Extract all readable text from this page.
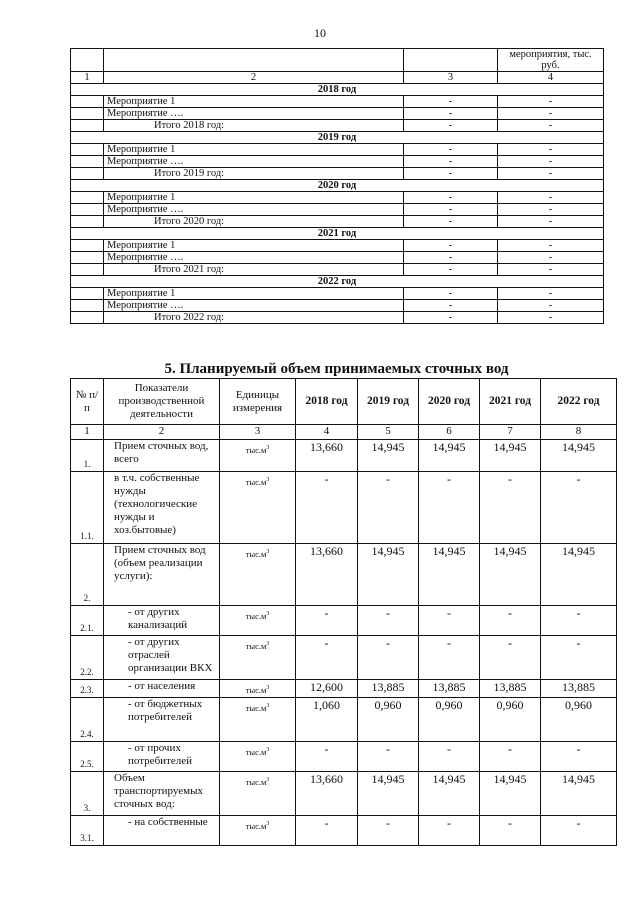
10
			мероприятия, тыс. руб.
1	2	3	4
2018 год			
	Мероприятие 1	-	-
	Мероприятие ….	-	-
	Итого 2018 год:	-	-
2019 год			
	Мероприятие 1	-	-
	Мероприятие ….	-	-
	Итого 2019 год:	-	-
2020 год			
	Мероприятие 1	-	-
	Мероприятие ….	-	-
	Итого 2020 год:	-	-
2021 год			
	Мероприятие 1	-	-
	Мероприятие ….	-	-
	Итого 2021 год:	-	-
2022 год			
	Мероприятие 1	-	-
	Мероприятие ….	-	-
	Итого 2022 год:	-	-
5. Планируемый объем принимаемых сточных вод
№ п/п	Показатели производственной деятельности	Единицы измерения	2018 год	2019 год	2020 год	2021 год	2022 год
1	2	3	4	5	6	7	8
1.	Прием сточных вод, всего	$тыс.м^3$	13,660	14,945	14,945	14,945	14,945
1.1.	в т.ч. собственные нужды (технологические нужды и хоз.бытовые)	$тыс.м^3$	-	-	-	-	-
2.	Прием сточных вод (объем реализации услуги):	$тыс.м^3$	13,660	14,945	14,945	14,945	14,945
2.1.	- от других канализаций	$тыс.м^3$	-	-	-	-	-
2.2.	- от других отраслей организации ВКХ	$тыс.м^3$	-	-	-	-	-
2.3.	- от населения	$тыс.м^3$	12,600	13,885	13,885	13,885	13,885
2.4.	- от бюджетных потребителей	$тыс.м^3$	1,060	0,960	0,960	0,960	0,960
2.5.	- от прочих потребителей	$тыс.м^3$	-	-	-	-	-
3.	Объем транспортируемых сточных вод:	$тыс.м^3$	13,660	14,945	14,945	14,945	14,945
3.1.	- на собственные	$тыс.м^3$	-	-	-	-	-
